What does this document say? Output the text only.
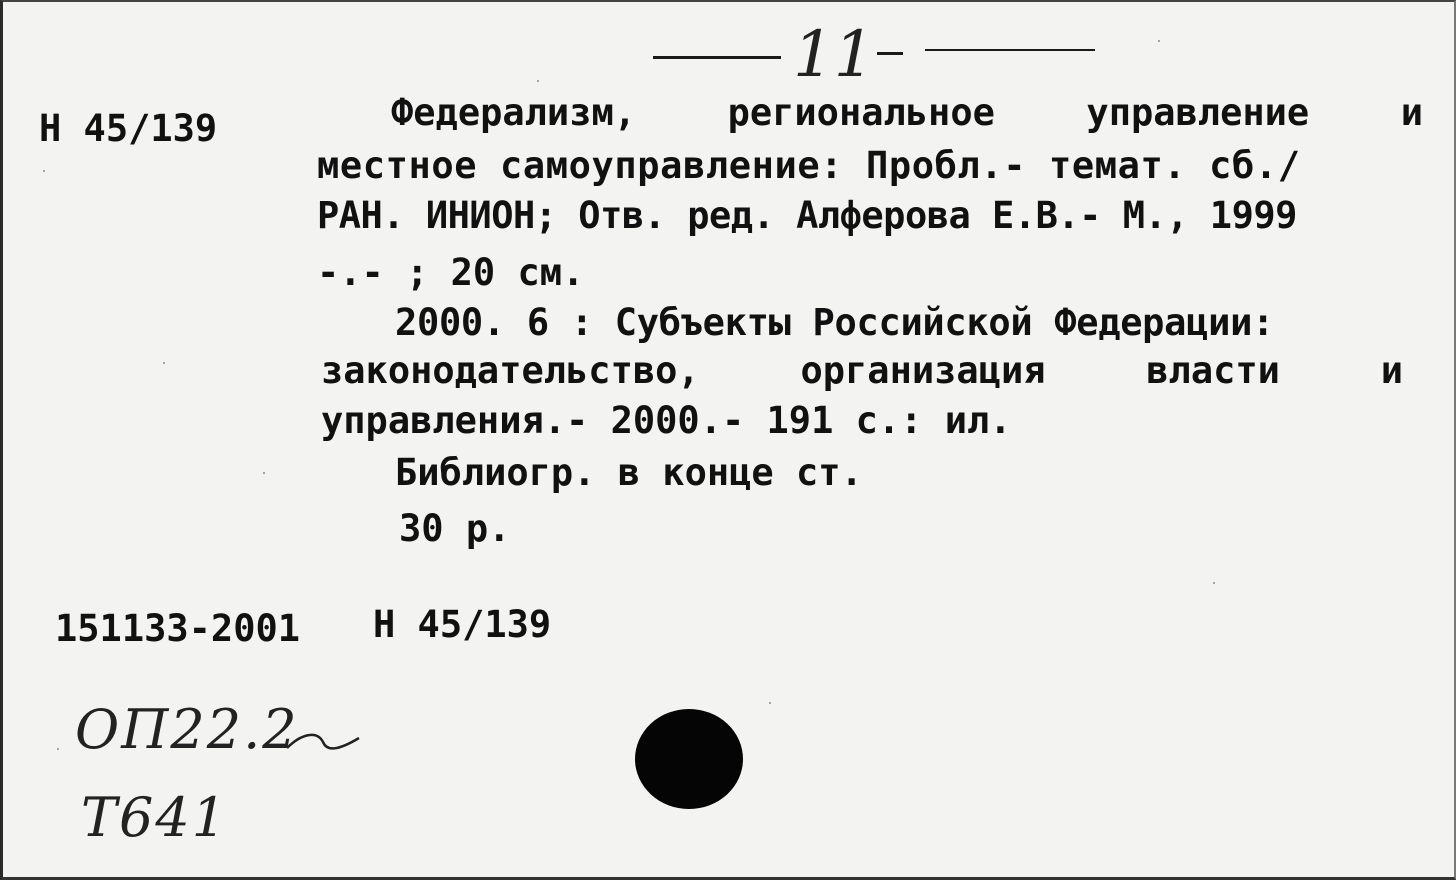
11
Н 45/139	Федерализм, региональное управление и
местное самоуправление: Пробл.- темат. сб./
РАН. ИНИОН; Отв. ред. Алферова Е.В.- М., 1999
-.- ; 20 см.
2000. 6 : Субъекты Российской Федерации:
законодательство,	организация	власти	и
управления.- 2000.- 191 с.: ил.
Библиогр. в конце ст.
30 р.
151133-2001 Н 45/139
ОП22.2
Т641
